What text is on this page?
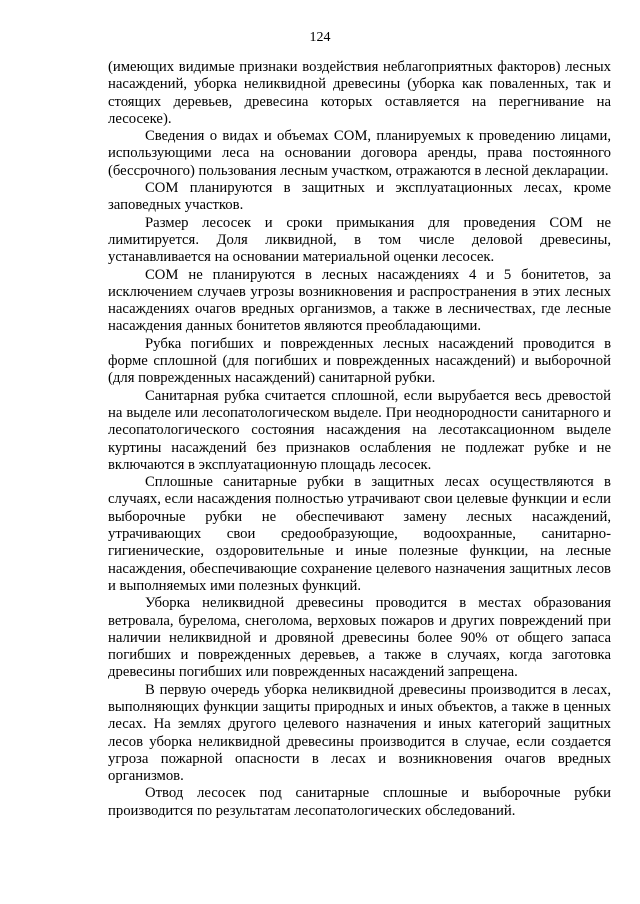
124

(имеющих видимые признаки воздействия неблагоприятных факторов) лесных насаждений, уборка неликвидной древесины (уборка как поваленных, так и стоящих деревьев, древесина которых оставляется на перегнивание на лесосеке).

Сведения о видах и объемах СОМ, планируемых к проведению лицами, использующими леса на основании договора аренды, права постоянного (бессрочного) пользования лесным участком, отражаются в лесной декларации.

СОМ планируются в защитных и эксплуатационных лесах, кроме заповедных участков.

Размер лесосек и сроки примыкания для проведения СОМ не лимитируется. Доля ликвидной, в том числе деловой древесины, устанавливается на основании материальной оценки лесосек.

СОМ не планируются в лесных насаждениях 4 и 5 бонитетов, за исключением случаев угрозы возникновения и распространения в этих лесных насаждениях очагов вредных организмов, а также в лесничествах, где лесные насаждения данных бонитетов являются преобладающими.

Рубка погибших и поврежденных лесных насаждений проводится в форме сплошной (для погибших и поврежденных насаждений) и выборочной (для поврежденных насаждений) санитарной рубки.

Санитарная рубка считается сплошной, если вырубается весь древостой на выделе или лесопатологическом выделе. При неоднородности санитарного и лесопатологического состояния насаждения на лесотаксационном выделе куртины насаждений без признаков ослабления не подлежат рубке и не включаются в эксплуатационную площадь лесосек.

Сплошные санитарные рубки в защитных лесах осуществляются в случаях, если насаждения полностью утрачивают свои целевые функции и если выборочные рубки не обеспечивают замену лесных насаждений, утрачивающих свои средообразующие, водоохранные, санитарно-гигиенические, оздоровительные и иные полезные функции, на лесные насаждения, обеспечивающие сохранение целевого назначения защитных лесов и выполняемых ими полезных функций.

Уборка неликвидной древесины проводится в местах образования ветровала, бурелома, снеголома, верховых пожаров и других повреждений при наличии неликвидной и дровяной древесины более 90% от общего запаса погибших и поврежденных деревьев, а также в случаях, когда заготовка древесины погибших или поврежденных насаждений запрещена.

В первую очередь уборка неликвидной древесины производится в лесах, выполняющих функции защиты природных и иных объектов, а также в ценных лесах. На землях другого целевого назначения и иных категорий защитных лесов уборка неликвидной древесины производится в случае, если создается угроза пожарной опасности в лесах и возникновения очагов вредных организмов.

Отвод лесосек под санитарные сплошные и выборочные рубки производится по результатам лесопатологических обследований.
